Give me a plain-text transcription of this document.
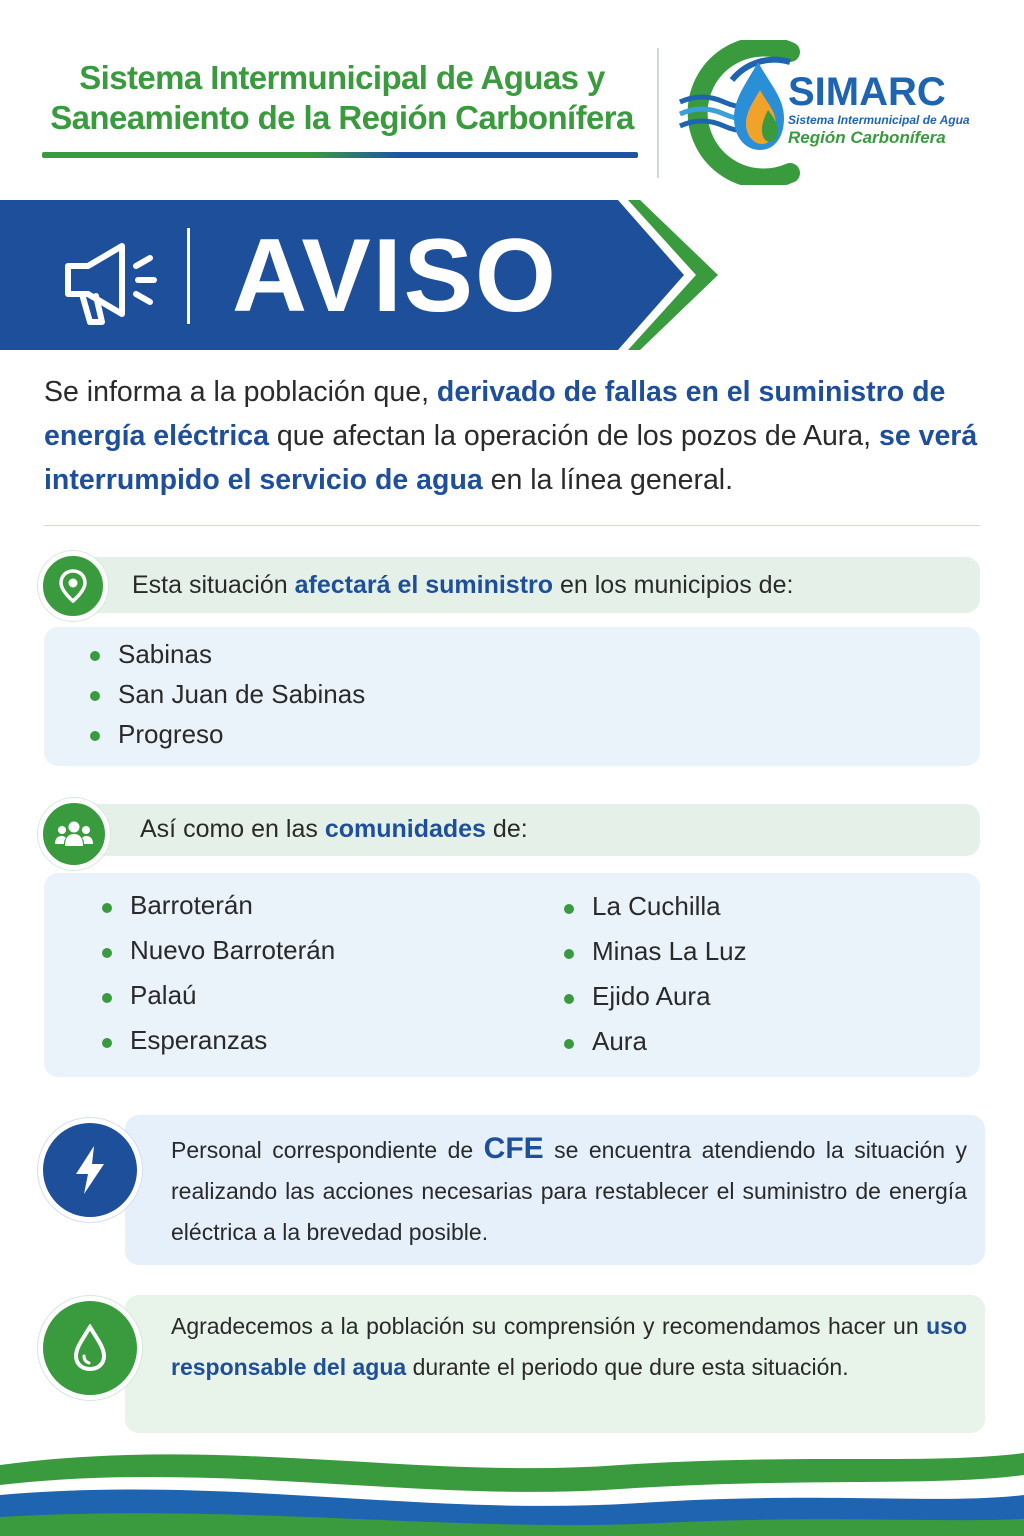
Sistema Intermunicipal de Aguas y
Saneamiento de la Región Carbonífera
SIMARC
Sistema Intermunicipal de Agua
Región Carbonífera
AVISO
Se informa a la población que, derivado de fallas en el suministro de energía eléctrica que afectan la operación de los pozos de Aura, se verá interrumpido el servicio de agua en la línea general.
Esta situación afectará el suministro en los municipios de:
Sabinas
San Juan de Sabinas
Progreso
Así como en las comunidades de:
Barroterán
Nuevo Barroterán
Palaú
Esperanzas
La Cuchilla
Minas La Luz
Ejido Aura
Aura
Personal correspondiente de CFE se encuentra atendiendo la situación y realizando las acciones necesarias para restablecer el suministro de energía eléctrica a la brevedad posible.
Agradecemos a la población su comprensión y recomendamos hacer un uso responsable del agua durante el periodo que dure esta situación.
